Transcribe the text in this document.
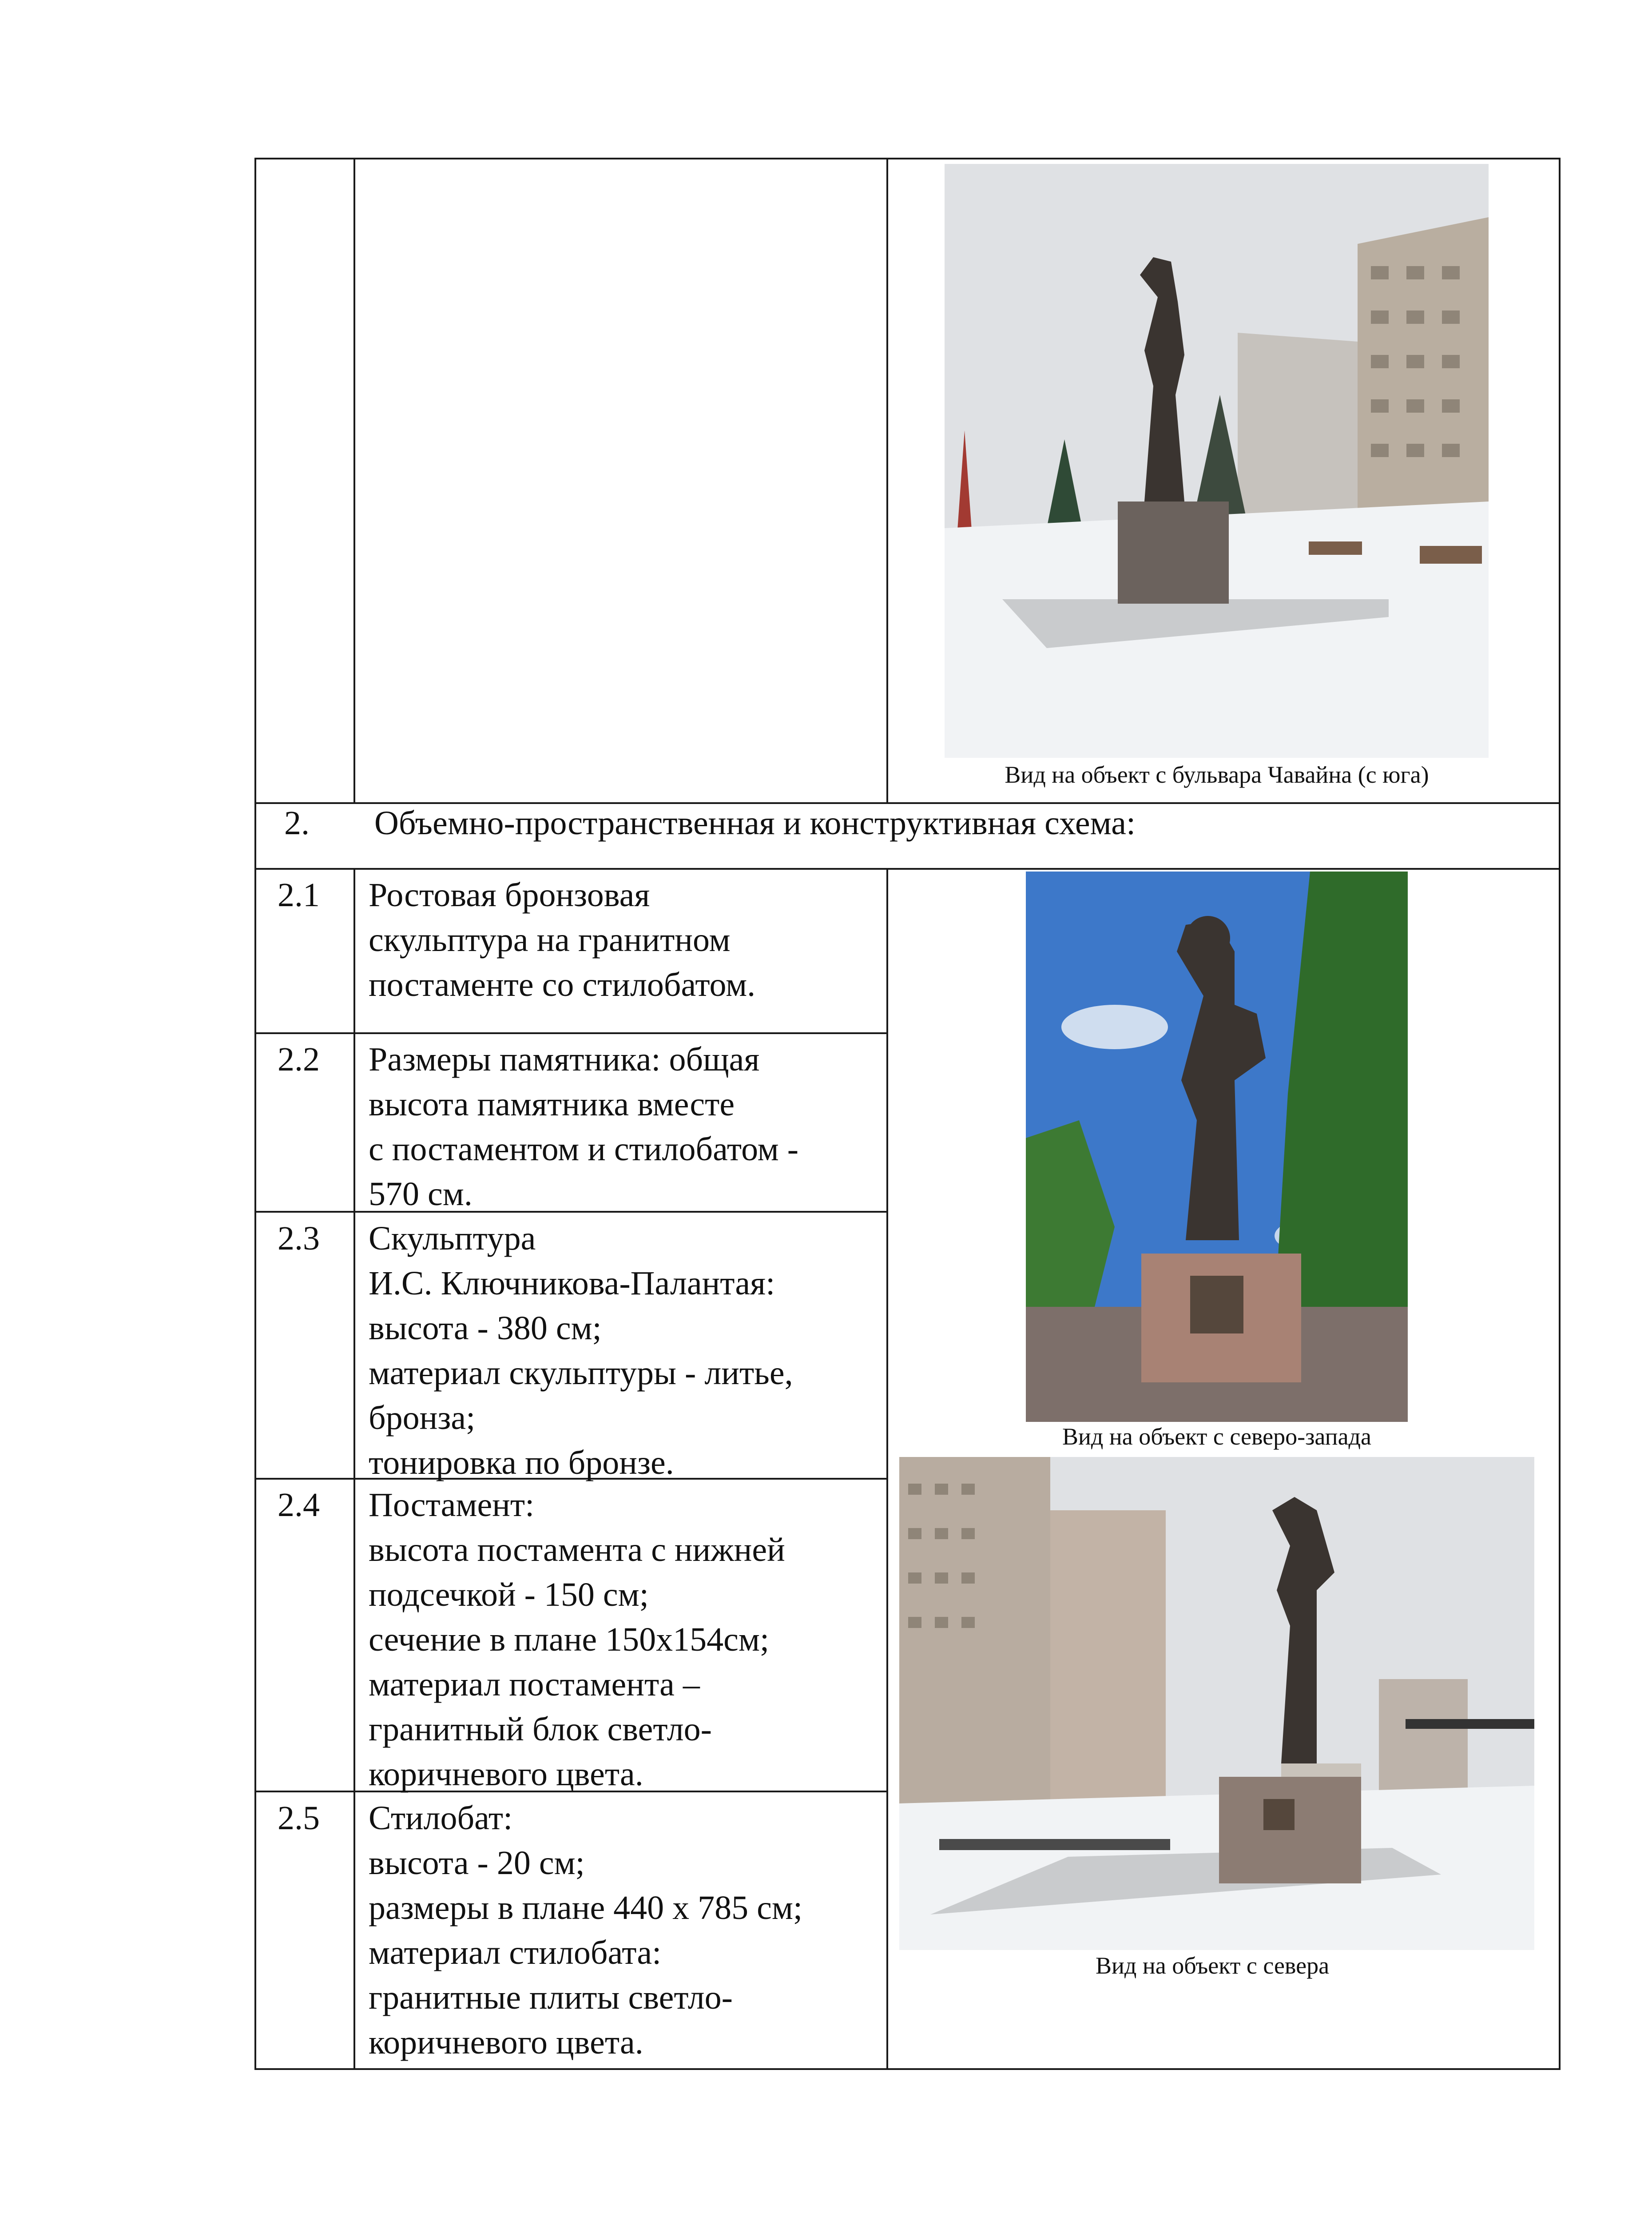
2. Объемно-пространственная и конструктивная схема:
2.1 Ростовая бронзовая
скульптура на гранитном
постаменте со стилобатом.
2.2 Размеры памятника: общая
высота памятника вместе
с постаментом и стилобатом -
570 см.
2.3 Скульптура
И.С. Ключникова-Палантая:
высота - 380 см;
материал скульптуры - литье,
бронза;
тонировка по бронзе.
2.4 Постамент:
высота постамента с нижней
подсечкой - 150 см;
сечение в плане 150х154см;
материал постамента –
гранитный блок светло-
коричневого цвета.
2.5 Стилобат:
высота - 20 см;
размеры в плане 440 х 785 см;
материал стилобата:
гранитные плиты светло-
коричневого цвета.
Вид на объект с бульвара Чавайна (с юга)
Вид на объект с северо-запада
Вид на объект с севера
